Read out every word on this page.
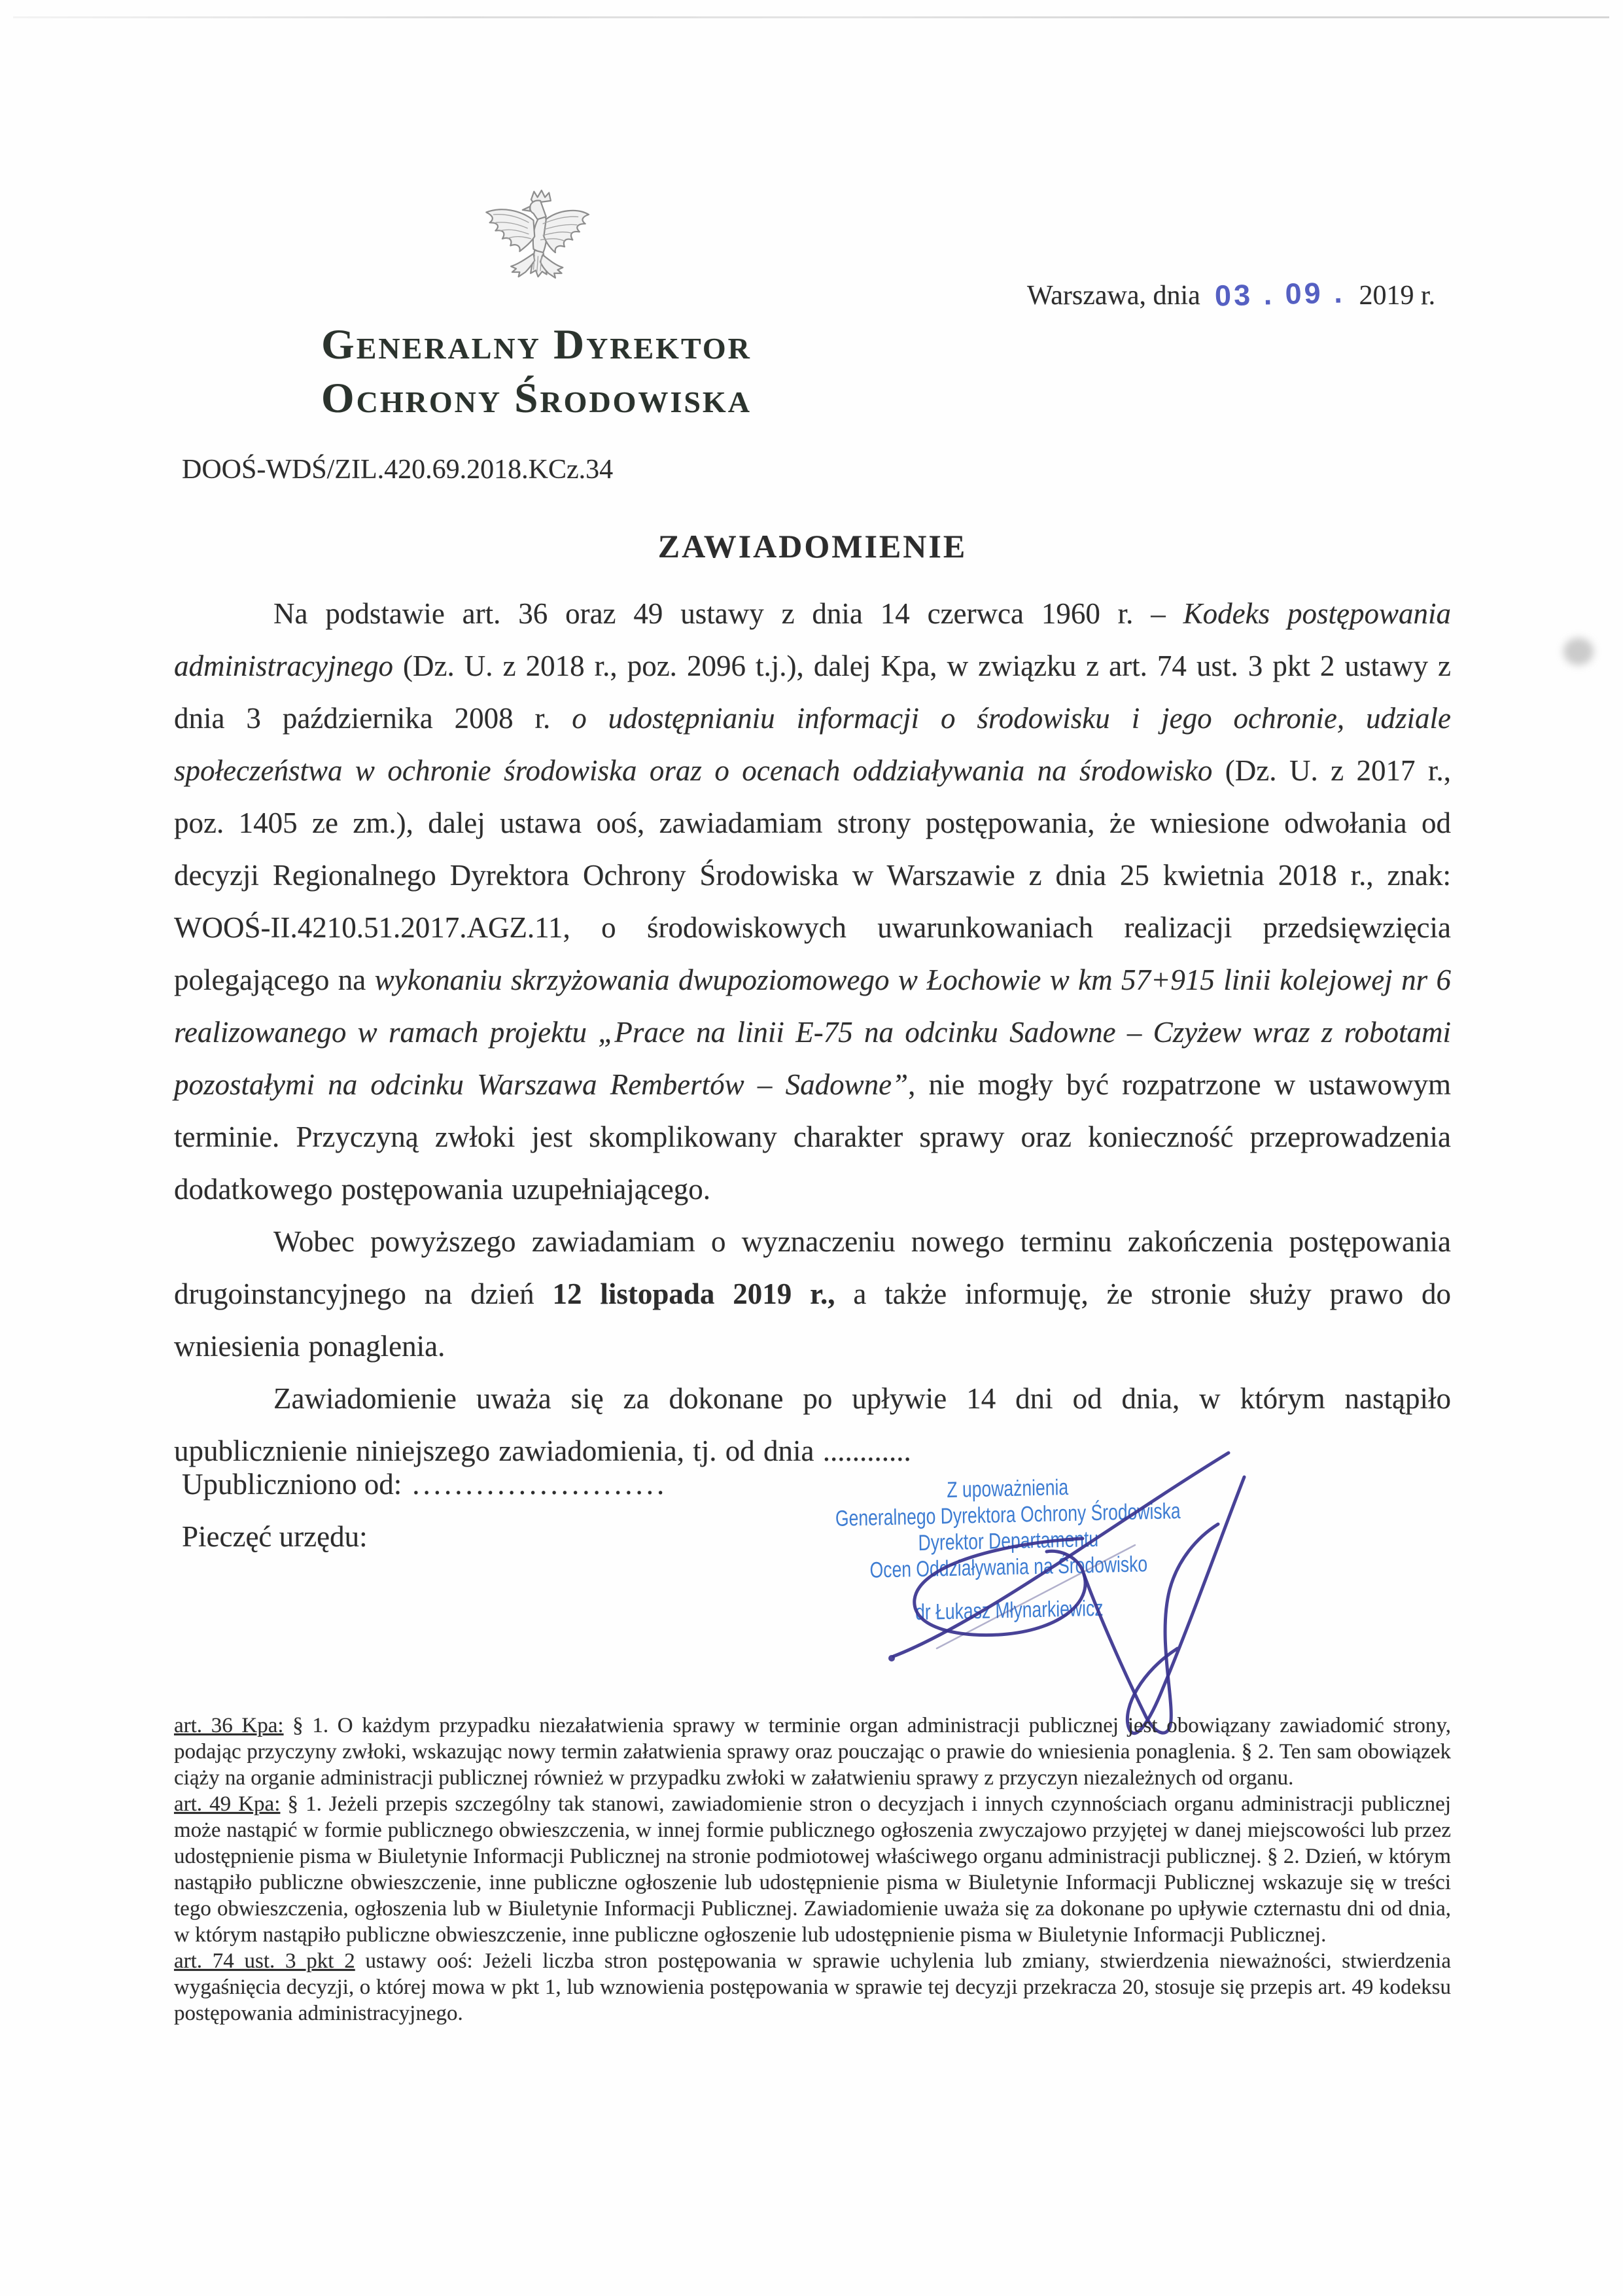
Warszawa, dnia 03 . 09 . 2019 r.
Generalny Dyrektor
Ochrony Środowiska
DOOŚ-WDŚ/ZIL.420.69.2018.KCz.34
ZAWIADOMIENIE

Na podstawie art. 36 oraz 49 ustawy z dnia 14 czerwca 1960 r. – Kodeks postępowania administracyjnego (Dz. U. z 2018 r., poz. 2096 t.j.), dalej Kpa, w związku z art. 74 ust. 3 pkt 2 ustawy z dnia 3 października 2008 r. o udostępnianiu informacji o środowisku i jego ochronie, udziale społeczeństwa w ochronie środowiska oraz o ocenach oddziaływania na środowisko (Dz. U. z 2017 r., poz. 1405 ze zm.), dalej ustawa ooś, zawiadamiam strony postępowania, że wniesione odwołania od decyzji Regionalnego Dyrektora Ochrony Środowiska w Warszawie z dnia 25 kwietnia 2018 r., znak: WOOŚ-II.4210.51.2017.AGZ.11, o środowiskowych uwarunkowaniach realizacji przedsięwzięcia polegającego na wykonaniu skrzyżowania dwupoziomowego w Łochowie w km 57+915 linii kolejowej nr 6 realizowanego w ramach projektu „Prace na linii E-75 na odcinku Sadowne – Czyżew wraz z robotami pozostałymi na odcinku Warszawa Rembertów – Sadowne”, nie mogły być rozpatrzone w ustawowym terminie. Przyczyną zwłoki jest skomplikowany charakter sprawy oraz konieczność przeprowadzenia dodatkowego postępowania uzupełniającego.

Wobec powyższego zawiadamiam o wyznaczeniu nowego terminu zakończenia postępowania drugoinstancyjnego na dzień 12 listopada 2019 r., a także informuję, że stronie służy prawo do wniesienia ponaglenia.

Zawiadomienie uważa się za dokonane po upływie 14 dni od dnia, w którym nastąpiło upublicznienie niniejszego zawiadomienia, tj. od dnia ............

Upubliczniono od: ........................
Pieczęć urzędu:
Z upoważnienia
Generalnego Dyrektora Ochrony Środowiska
Dyrektor Departamentu
Ocen Oddziaływania na Środowisko
dr Łukasz Młynarkiewicz

art. 36 Kpa: § 1. O każdym przypadku niezałatwienia sprawy w terminie organ administracji publicznej jest obowiązany zawiadomić strony, podając przyczyny zwłoki, wskazując nowy termin załatwienia sprawy oraz pouczając o prawie do wniesienia ponaglenia. § 2. Ten sam obowiązek ciąży na organie administracji publicznej również w przypadku zwłoki w załatwieniu sprawy z przyczyn niezależnych od organu.

art. 49 Kpa: § 1. Jeżeli przepis szczególny tak stanowi, zawiadomienie stron o decyzjach i innych czynnościach organu administracji publicznej może nastąpić w formie publicznego obwieszczenia, w innej formie publicznego ogłoszenia zwyczajowo przyjętej w danej miejscowości lub przez udostępnienie pisma w Biuletynie Informacji Publicznej na stronie podmiotowej właściwego organu administracji publicznej. § 2. Dzień, w którym nastąpiło publiczne obwieszczenie, inne publiczne ogłoszenie lub udostępnienie pisma w Biuletynie Informacji Publicznej wskazuje się w treści tego obwieszczenia, ogłoszenia lub w Biuletynie Informacji Publicznej. Zawiadomienie uważa się za dokonane po upływie czternastu dni od dnia, w którym nastąpiło publiczne obwieszczenie, inne publiczne ogłoszenie lub udostępnienie pisma w Biuletynie Informacji Publicznej.

art. 74 ust. 3 pkt 2 ustawy ooś: Jeżeli liczba stron postępowania w sprawie uchylenia lub zmiany, stwierdzenia nieważności, stwierdzenia wygaśnięcia decyzji, o której mowa w pkt 1, lub wznowienia postępowania w sprawie tej decyzji przekracza 20, stosuje się przepis art. 49 kodeksu postępowania administracyjnego.
